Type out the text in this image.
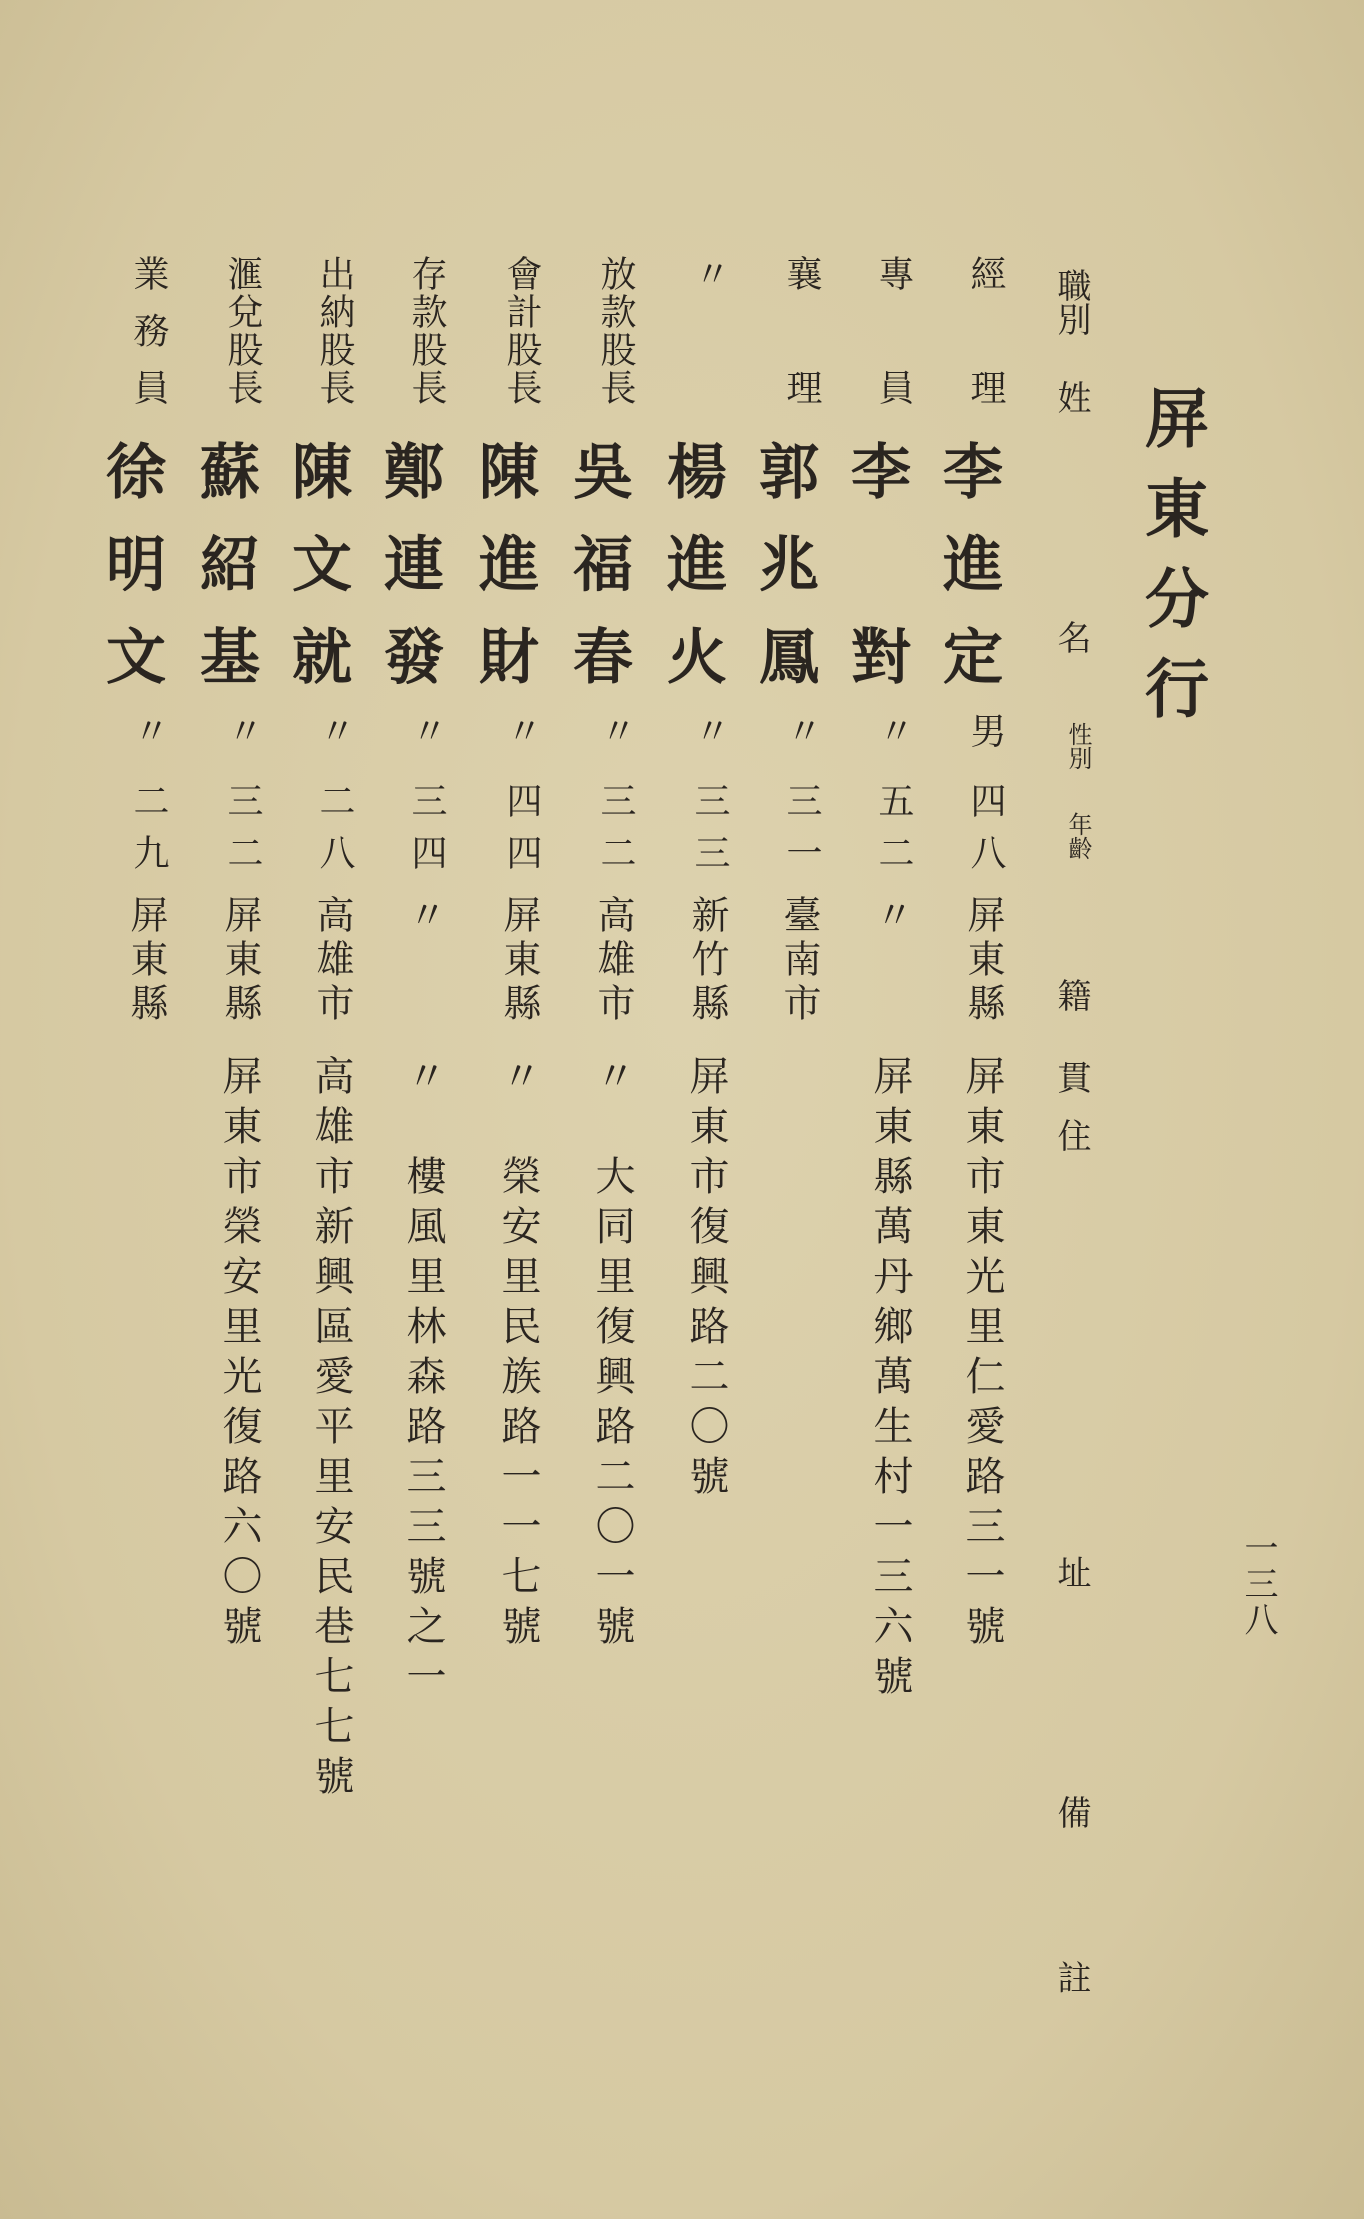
屏東分行
一三八
職別
姓
名
性別
年齡
籍
貫
住
址
備
註
經理
李進定
男
四八
屏東縣
屏東市東光里仁愛路三一號
專員
李對
〃
五二
〃
屏東縣萬丹鄉萬生村一三六號
襄理
郭兆鳳
〃
三一
臺南市
〃
楊進火
〃
三三
新竹縣
屏東市復興路二〇號
放款股長
吳福春
〃
三二
高雄市
〃　大同里復興路二〇一號
會計股長
陳進財
〃
四四
屏東縣
〃　榮安里民族路一一七號
存款股長
鄭連發
〃
三四
〃
〃　樓風里林森路三三號之一
出納股長
陳文就
〃
二八
高雄市
高雄市新興區愛平里安民巷七七號
滙兌股長
蘇紹基
〃
三二
屏東縣
屏東市榮安里光復路六〇號
業務員
徐明文
〃
二九
屏東縣
